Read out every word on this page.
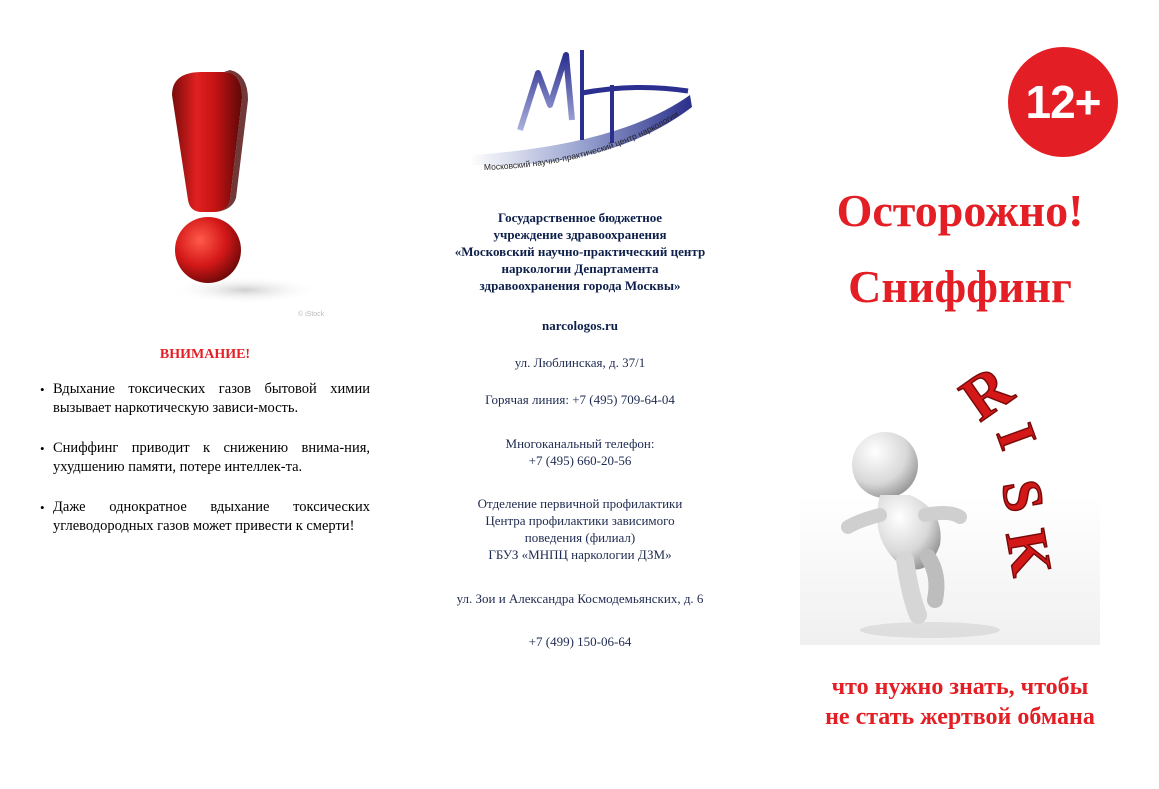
© iStock
ВНИМАНИЕ!
• Вдыхание токсических газов бытовой химии вызывает наркотическую зависи-мость.
• Сниффинг приводит к снижению внима-ния, ухудшению памяти, потере интеллек-та.
• Даже однократное вдыхание токсических углеводородных газов может привести к смерти!
Московский научно-практический центр наркологии
Государственное бюджетное
учреждение здравоохранения
«Московский научно-практический центр
наркологии Департамента
здравоохранения города Москвы»
narcologos.ru
ул. Люблинская, д. 37/1
Горячая линия: +7 (495) 709-64-04
Многоканальный телефон:
+7 (495) 660-20-56
Отделение первичной профилактики
Центра профилактики зависимого
поведения (филиал)
ГБУЗ «МНПЦ наркологии ДЗМ»
ул. Зои и Александра Космодемьянских, д. 6
+7 (499) 150-06-64
12+
Осторожно!
Сниффинг
R
I
S
K
что нужно знать, чтобы
не стать жертвой обмана
